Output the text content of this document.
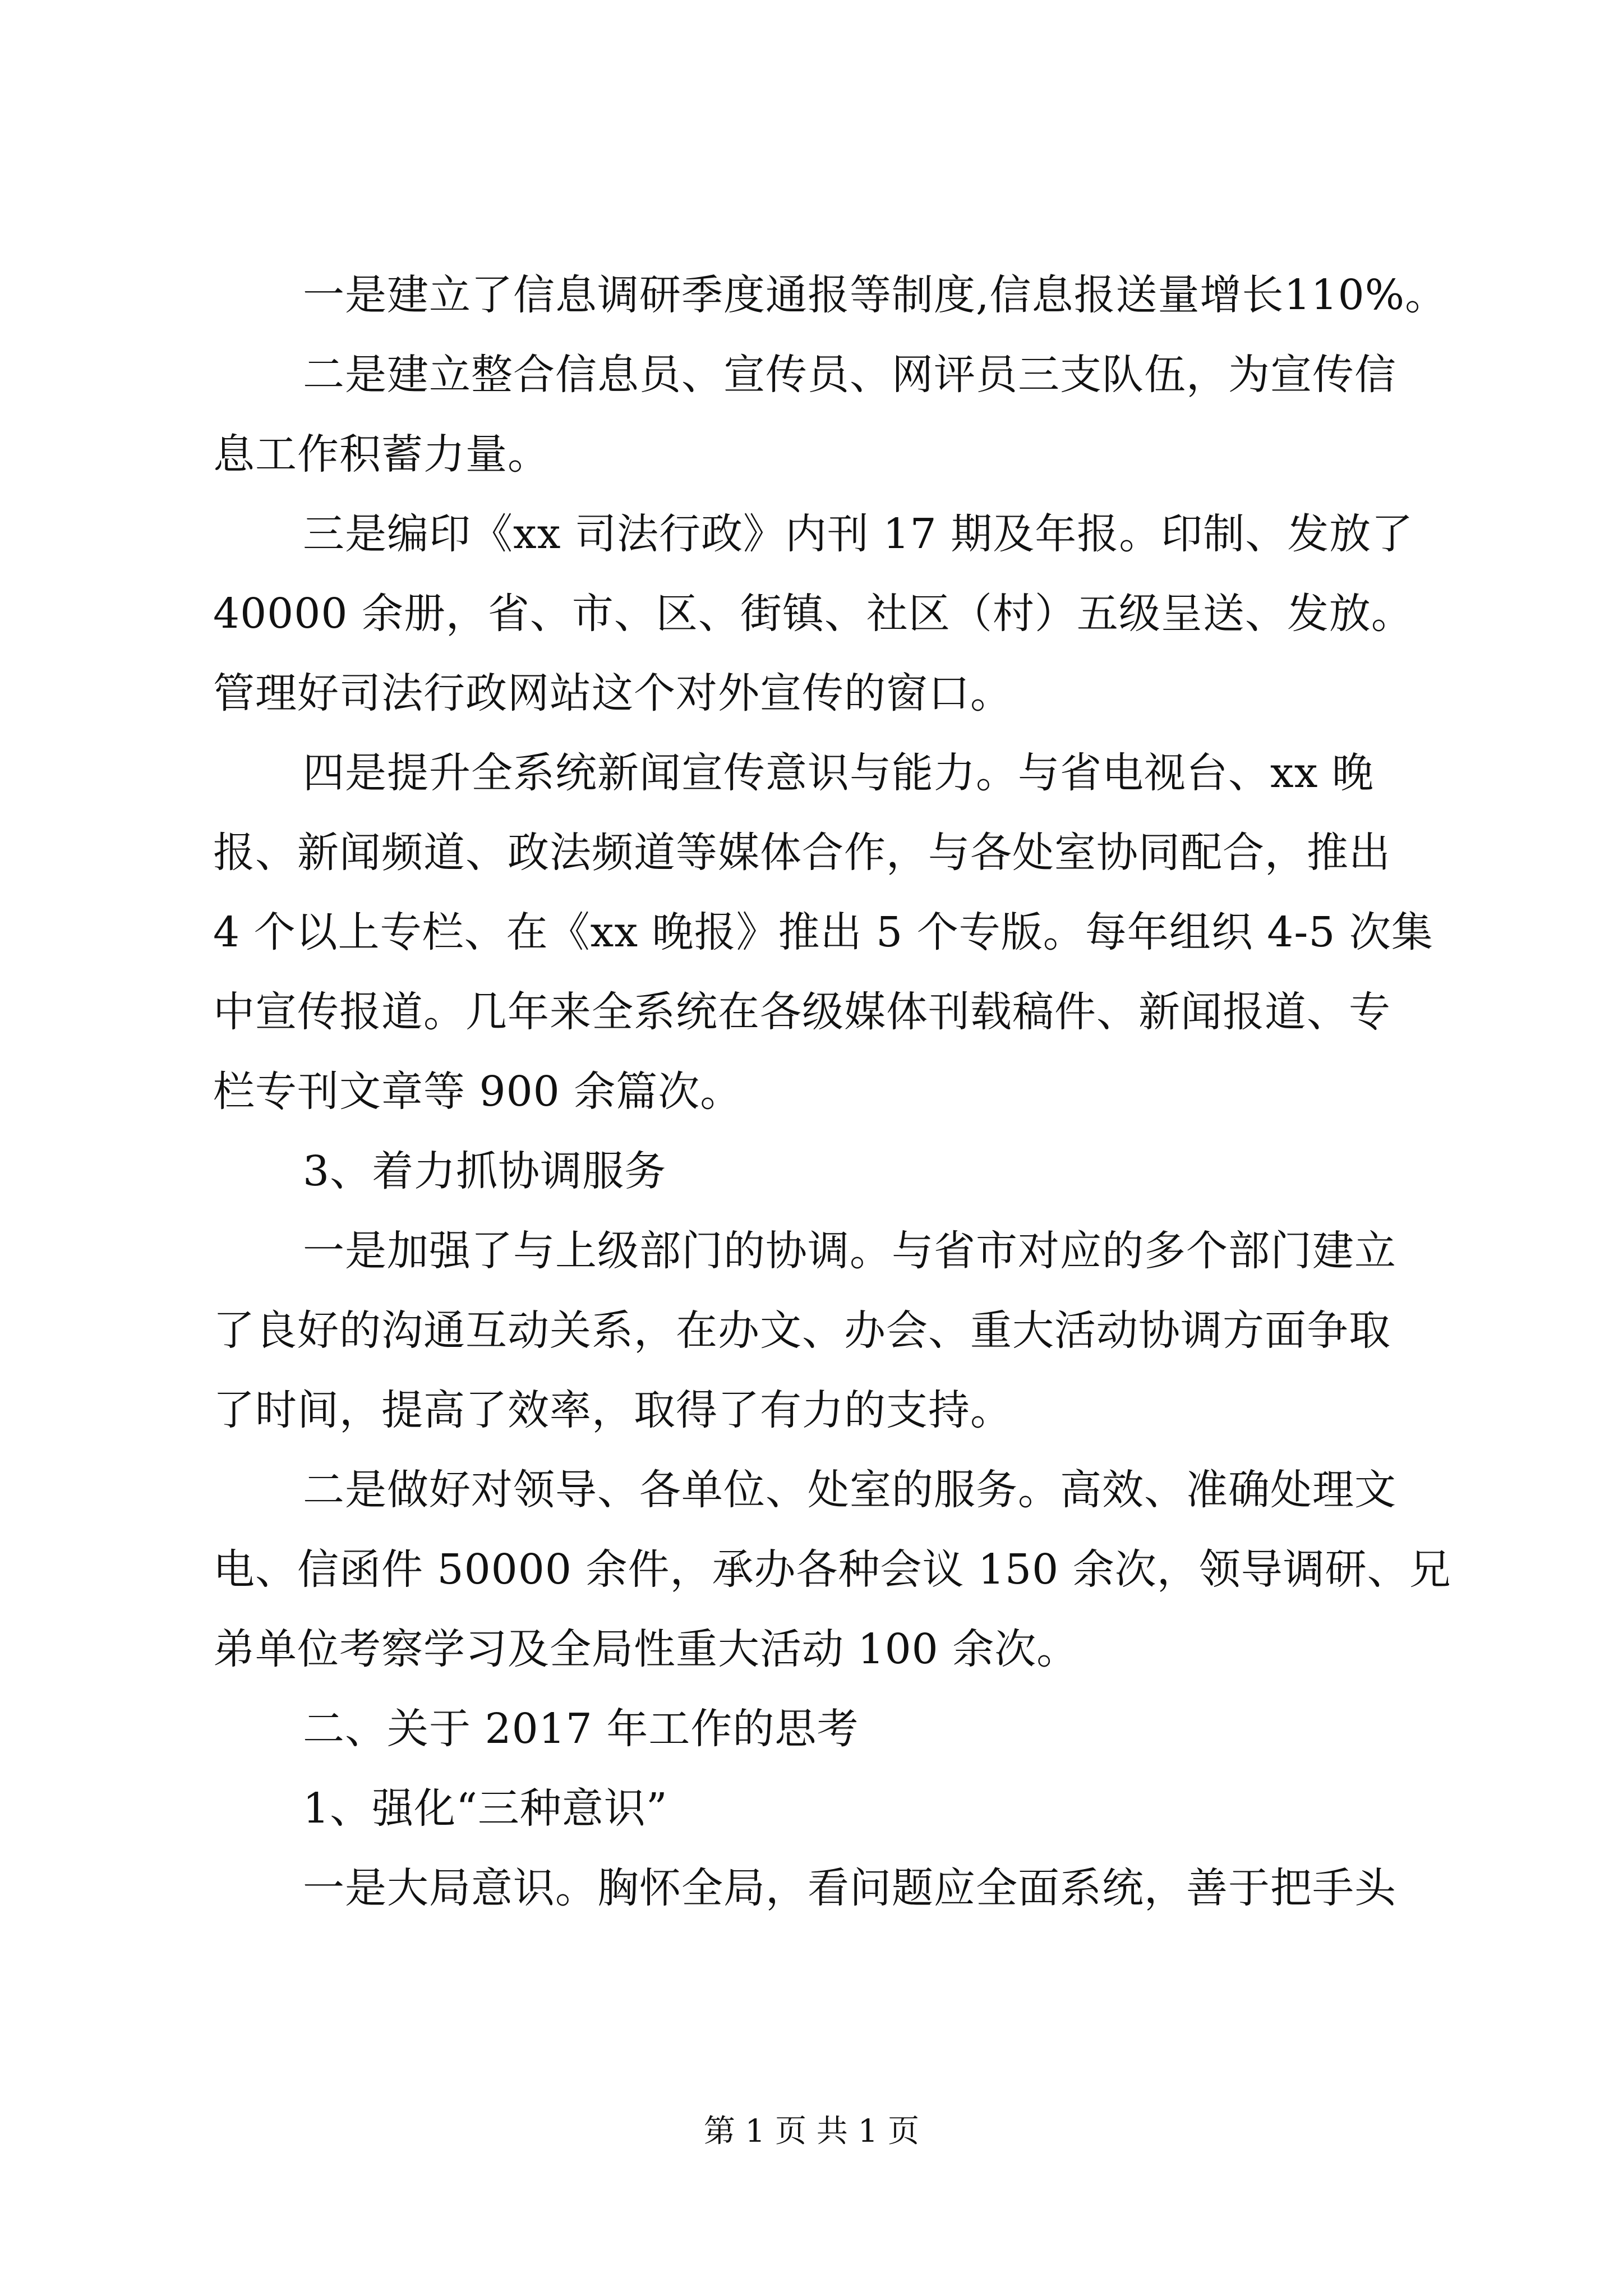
一是建立了信息调研季度通报等制度,信息报送量增长110%。
二是建立整合信息员、宣传员、网评员三支队伍，为宣传信
息工作积蓄力量。
三是编印《xx 司法行政》内刊 17 期及年报。印制、发放了
40000 余册，省、市、区、街镇、社区（村）五级呈送、发放。
管理好司法行政网站这个对外宣传的窗口。
四是提升全系统新闻宣传意识与能力。与省电视台、xx 晚
报、新闻频道、政法频道等媒体合作，与各处室协同配合，推出
4 个以上专栏、在《xx 晚报》推出 5 个专版。每年组织 4-5 次集
中宣传报道。几年来全系统在各级媒体刊载稿件、新闻报道、专
栏专刊文章等 900 余篇次。
3、着力抓协调服务
一是加强了与上级部门的协调。与省市对应的多个部门建立
了良好的沟通互动关系，在办文、办会、重大活动协调方面争取
了时间，提高了效率，取得了有力的支持。
二是做好对领导、各单位、处室的服务。高效、准确处理文
电、信函件 50000 余件，承办各种会议 150 余次，领导调研、兄
弟单位考察学习及全局性重大活动 100 余次。
二、关于 2017 年工作的思考
1、强化“三种意识”
一是大局意识。胸怀全局，看问题应全面系统，善于把手头
第 1 页 共 1 页
